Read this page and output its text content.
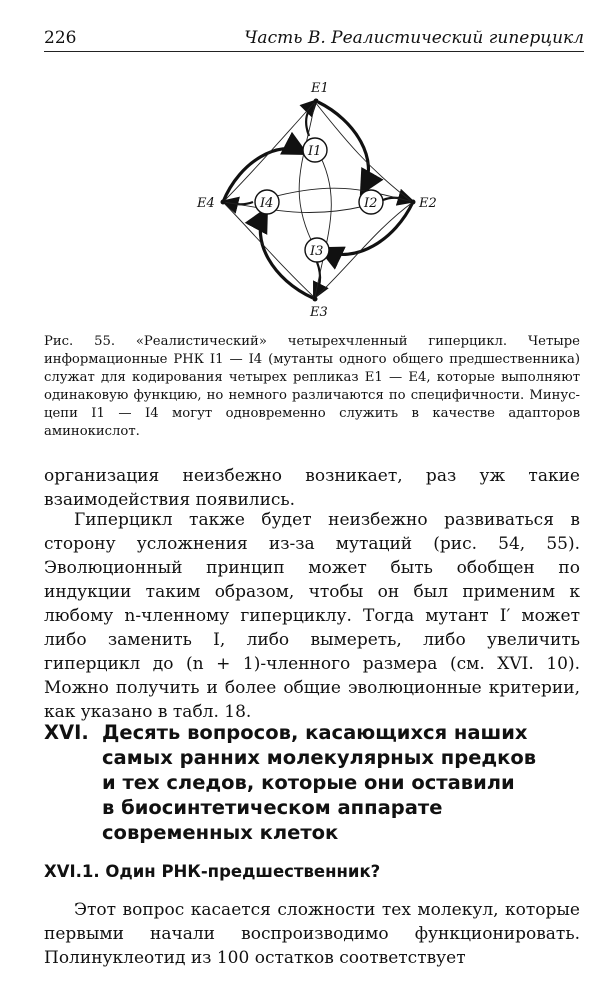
226	Часть B. Реалистический гиперцикл

I1
I2
I3
I4
E1
E2
E3
E4
Рис. 55. «Реалистический» четырехчленный гиперцикл. Четыре информационные РНК I1 — I4 (мутанты одного общего предшественника) служат для кодирования четырех репликаз E1 — E4, которые выполняют одинаковую функцию, но немного различаются по специфичности. Минус-цепи I1 — I4 могут одновременно служить в качестве адапторов аминокислот.

организация неизбежно возникает, раз уж такие взаимодействия появились.

Гиперцикл также будет неизбежно развиваться в сторону усложнения из-за мутаций (рис. 54, 55). Эволюционный принцип может быть обобщен по индукции таким образом, чтобы он был применим к любому n-членному гиперциклу. Тогда мутант I′ может либо заменить I, либо вымереть, либо увеличить гиперцикл до (n + 1)-членного размера (см. XVI. 10). Можно получить и более общие эволюционные критерии, как указано в табл. 18.

XVI. Десять вопросов, касающихся наших
самых ранних молекулярных предков
и тех следов, которые они оставили
в биосинтетическом аппарате
современных клеток
XVI.1. Один РНК-предшественник?

Этот вопрос касается сложности тех молекул, которые первыми начали воспроизводимо функционировать. Полинуклеотид из 100 остатков соответствует
